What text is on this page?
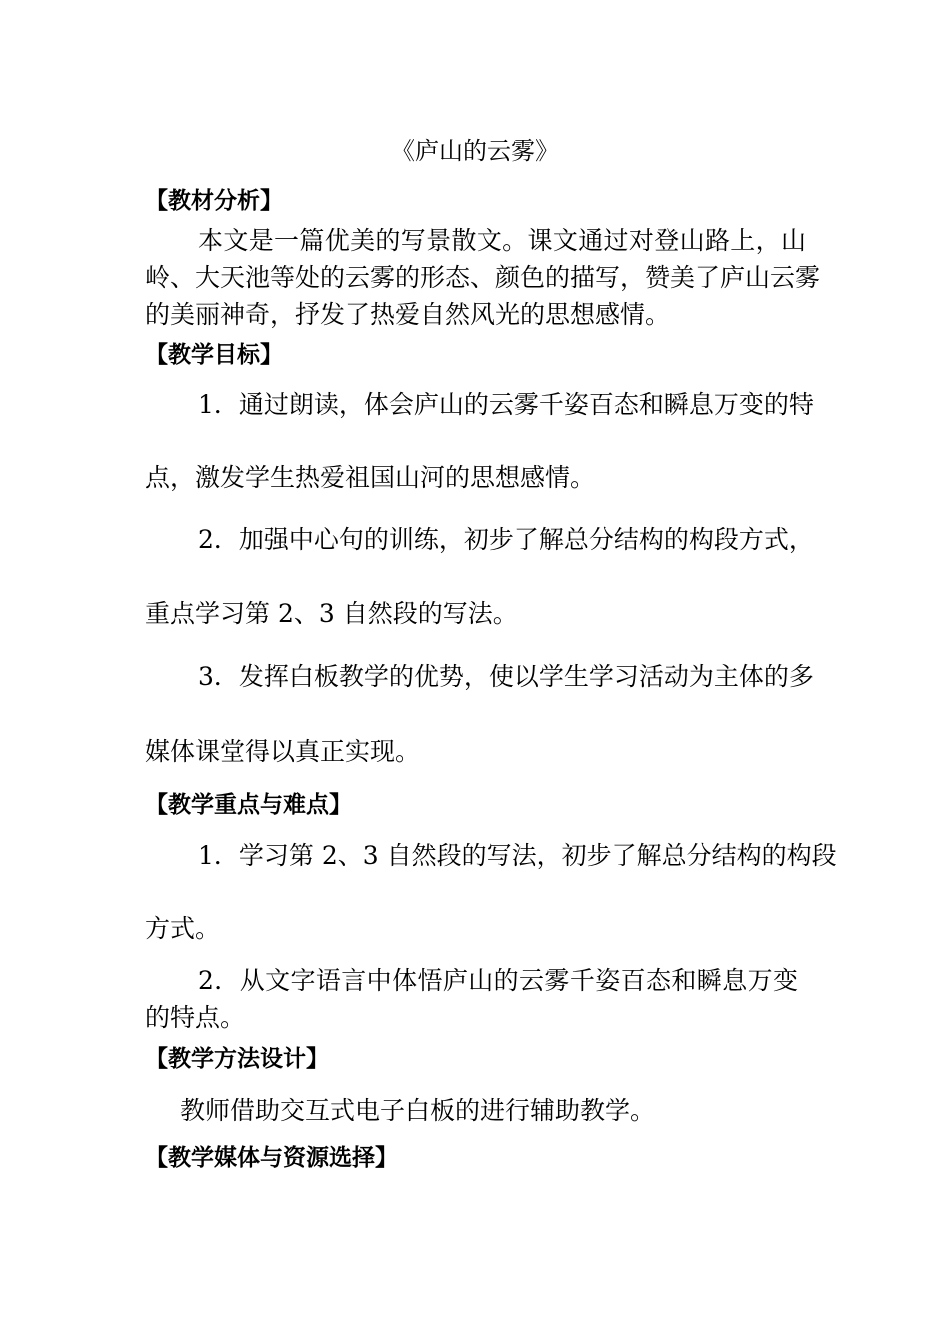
《庐山的云雾》
【教材分析】
本文是一篇优美的写景散文。课文通过对登山路上，山
岭、大天池等处的云雾的形态、颜色的描写，赞美了庐山云雾
的美丽神奇，抒发了热爱自然风光的思想感情。
【教学目标】
1．通过朗读，体会庐山的云雾千姿百态和瞬息万变的特
点，激发学生热爱祖国山河的思想感情。
2．加强中心句的训练，初步了解总分结构的构段方式，
重点学习第 2、3 自然段的写法。
3．发挥白板教学的优势，使以学生学习活动为主体的多
媒体课堂得以真正实现。
【教学重点与难点】
1．学习第 2、3 自然段的写法，初步了解总分结构的构段
方式。
2．从文字语言中体悟庐山的云雾千姿百态和瞬息万变
的特点。
【教学方法设计】
教师借助交互式电子白板的进行辅助教学。
【教学媒体与资源选择】
